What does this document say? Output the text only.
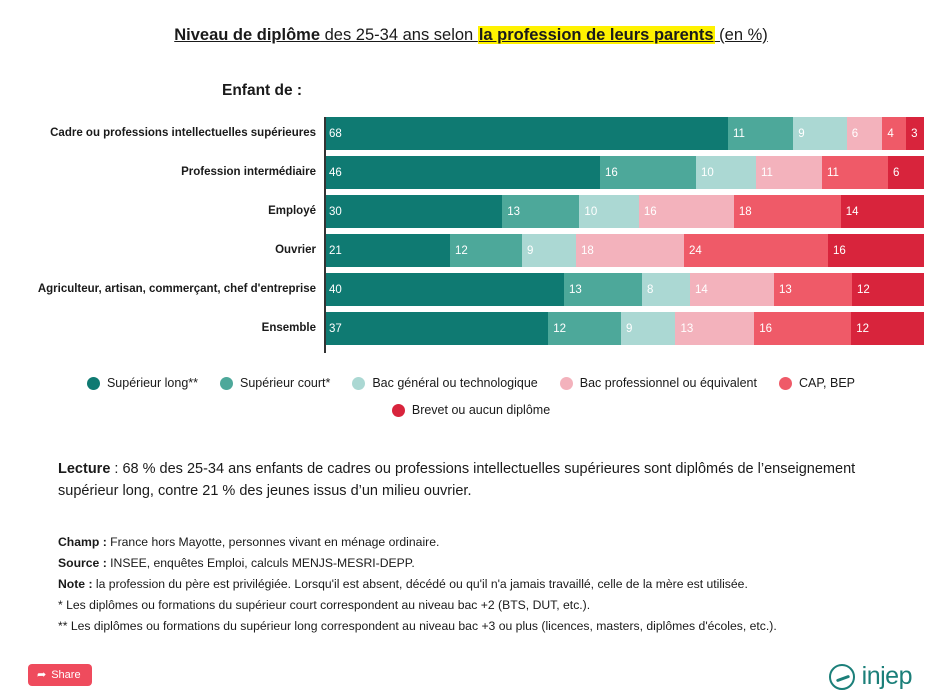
Niveau de diplôme des 25-34 ans selon la profession de leurs parents (en %)
Enfant de :
Cadre ou professions intellectuelles supérieures	68	11	9	6	4 3
Profession intermédiaire	46	16	10	11	11	6
Employé	30	13	10	16	18	14
Ouvrier	21	12	9	18	24	16
Agriculteur, artisan, commerçant, chef d'entreprise	40	13	8	14	13	12
Ensemble	37	12	9	13	16	12
Supérieur long**	Supérieur court*	Bac général ou technologique	Bac professionnel ou équivalent	CAP, BEP
Brevet ou aucun diplôme
Lecture : 68 % des 25-34 ans enfants de cadres ou professions intellectuelles supérieures sont diplômés de l’enseignement supérieur long, contre 21 % des jeunes issus d’un milieu ouvrier.
Champ : France hors Mayotte, personnes vivant en ménage ordinaire.
Source : INSEE, enquêtes Emploi, calculs MENJS-MESRI-DEPP.
Note : la profession du père est privilégiée. Lorsqu'il est absent, décédé ou qu'il n'a jamais travaillé, celle de la mère est utilisée.
* Les diplômes ou formations du supérieur court correspondent au niveau bac +2 (BTS, DUT, etc.).
** Les diplômes ou formations du supérieur long correspondent au niveau bac +3 ou plus (licences, masters, diplômes d'écoles, etc.).
➦ Share	injep
